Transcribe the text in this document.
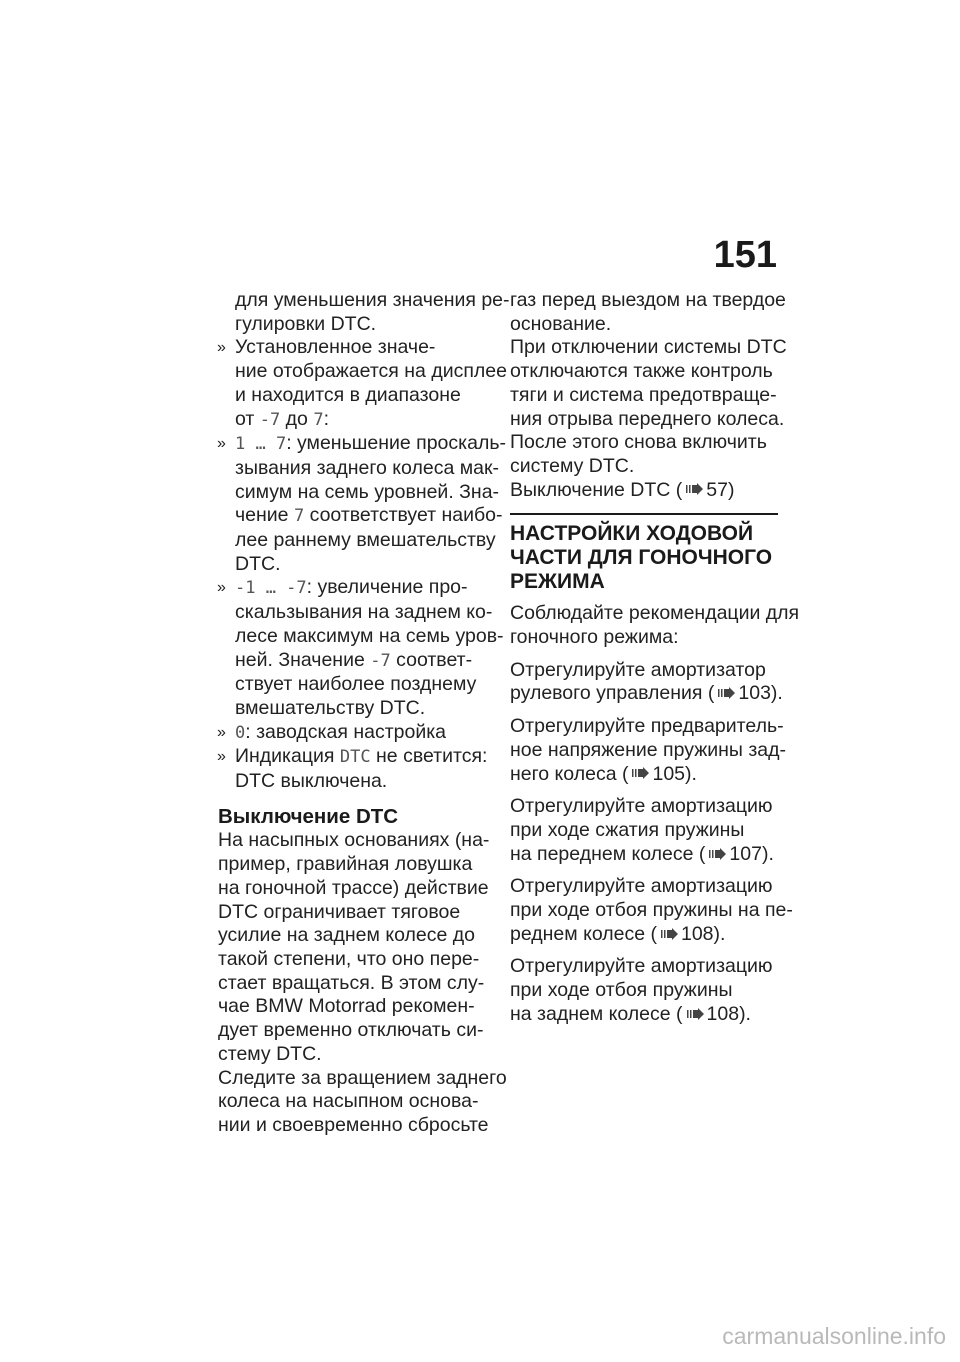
151
для уменьшения значения ре-
гулировки DTC.
» Установленное значе-
ние отображается на дисплее
и находится в диапазоне
от -7 до 7:
» 1 … 7: уменьшение проскаль-
зывания заднего колеса мак-
симум на семь уровней. Зна-
чение 7 соответствует наибо-
лее раннему вмешательству
DTC.
» -1 … -7: увеличение про-
скальзывания на заднем ко-
лесе максимум на семь уров-
ней. Значение -7 соответ-
ствует наиболее позднему
вмешательству DTC.
» 0: заводская настройка
» Индикация DTC не светится:
DTC выключена.
Выключение DTC
На насыпных основаниях (на-
пример, гравийная ловушка
на гоночной трассе) действие
DTC ограничивает тяговое
усилие на заднем колесе до
такой степени, что оно пере-
стает вращаться. В этом слу-
чае BMW Motorrad рекомен-
дует временно отключать си-
стему DTC.
Следите за вращением заднего
колеса на насыпном основа-
нии и своевременно сбросьте
газ перед выездом на твердое
основание.
При отключении системы DTC
отключаются также контроль
тяги и система предотвраще-
ния отрыва переднего колеса.
После этого снова включить
систему DTC.
Выключение DTC ( 57)
НАСТРОЙКИ ХОДОВОЙ
ЧАСТИ ДЛЯ ГОНОЧНОГО
РЕЖИМА
Соблюдайте рекомендации для
гоночного режима:
Отрегулируйте амортизатор
рулевого управления ( 103).
Отрегулируйте предваритель-
ное напряжение пружины зад-
него колеса ( 105).
Отрегулируйте амортизацию
при ходе сжатия пружины
на переднем колесе ( 107).
Отрегулируйте амортизацию
при ходе отбоя пружины на пе-
реднем колесе ( 108).
Отрегулируйте амортизацию
при ходе отбоя пружины
на заднем колесе ( 108).
carmanualsonline.info
